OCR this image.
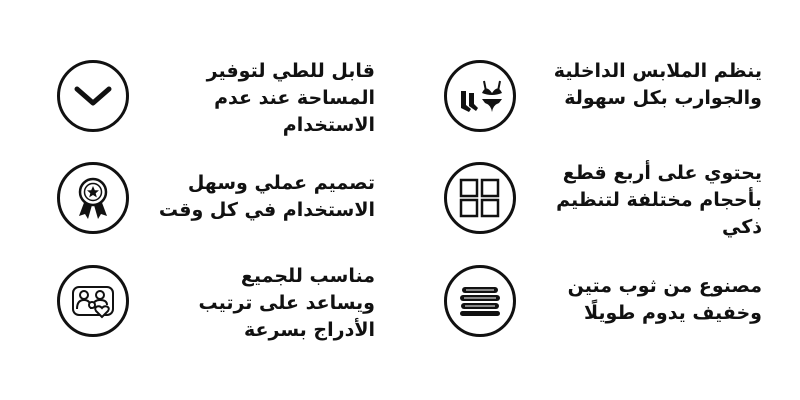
قابل للطي لتوفير
المساحة عند عدم
الاستخدام
ينظم الملابس الداخلية
والجوارب بكل سهولة
تصميم عملي وسهل
الاستخدام في كل وقت
يحتوي على أربع قطع
بأحجام مختلفة لتنظيم
ذكي
مناسب للجميع
ويساعد على ترتيب
الأدراج بسرعة
مصنوع من ثوب متين
وخفيف يدوم طويلًا
